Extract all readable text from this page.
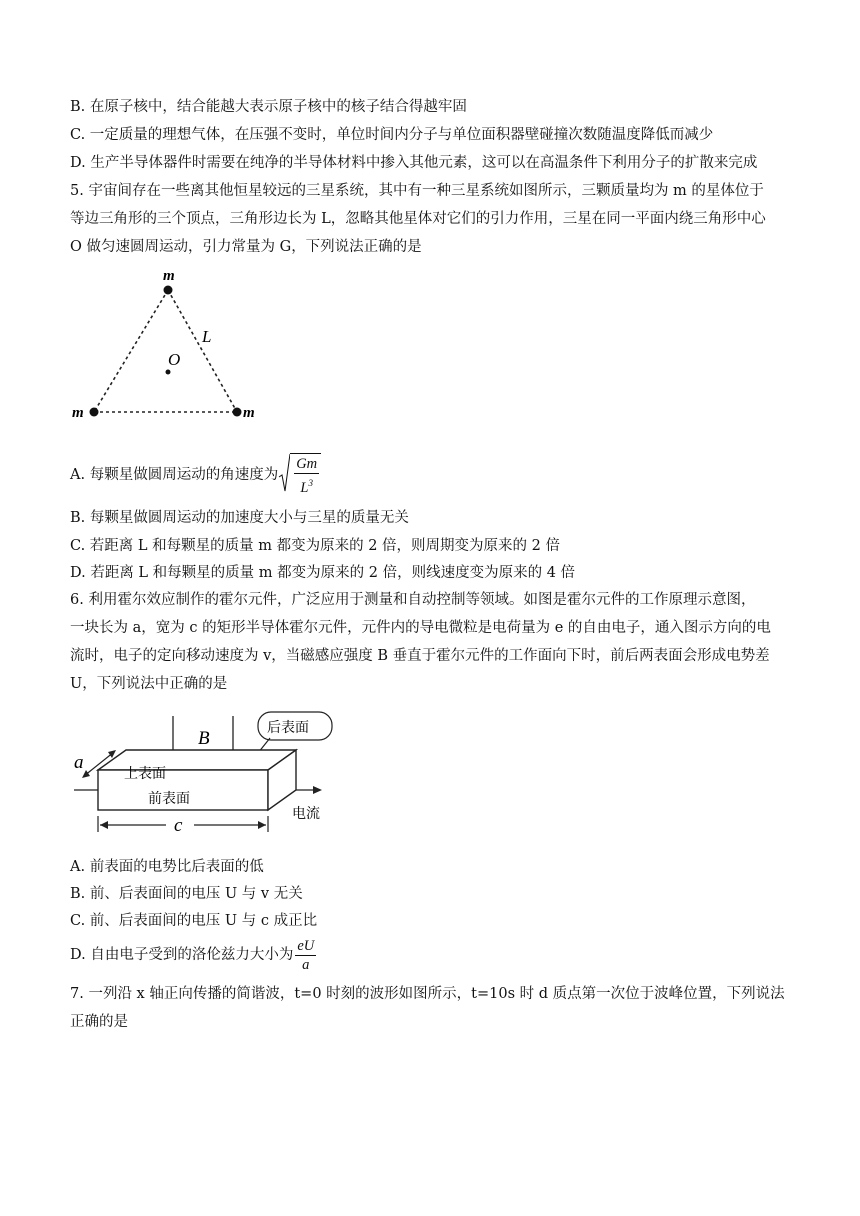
B. 在原子核中，结合能越大表示原子核中的核子结合得越牢固
C. 一定质量的理想气体，在压强不变时，单位时间内分子与单位面积器壁碰撞次数随温度降低而减少
D. 生产半导体器件时需要在纯净的半导体材料中掺入其他元素，这可以在高温条件下利用分子的扩散来完成
5. 宇宙间存在一些离其他恒星较远的三星系统，其中有一种三星系统如图所示，三颗质量均为 m 的星体位于
等边三角形的三个顶点，三角形边长为 L，忽略其他星体对它们的引力作用，三星在同一平面内绕三角形中心
O 做匀速圆周运动，引力常量为 G，下列说法正确的是
m
m	m
L
O
A. 每颗星做圆周运动的角速度为 $\frac{Gm}{L^3}$
B. 每颗星做圆周运动的加速度大小与三星的质量无关
C. 若距离 L 和每颗星的质量 m 都变为原来的 2 倍，则周期变为原来的 2 倍
D. 若距离 L 和每颗星的质量 m 都变为原来的 2 倍，则线速度变为原来的 4 倍
6. 利用霍尔效应制作的霍尔元件，广泛应用于测量和自动控制等领域。如图是霍尔元件的工作原理示意图，
一块长为 a，宽为 c 的矩形半导体霍尔元件，元件内的导电微粒是电荷量为 e 的自由电子，通入图示方向的电
流时，电子的定向移动速度为 v，当磁感应强度 B 垂直于霍尔元件的工作面向下时，前后两表面会形成电势差
U，下列说法中正确的是
B	后表面
电流
a
上表面
前表面
c
A. 前表面的电势比后表面的低
B. 前、后表面间的电压 U 与 v 无关
C. 前、后表面间的电压 U 与 c 成正比
D. 自由电子受到的洛伦兹力大小为 $\frac{eU}{a}$
7. 一列沿 x 轴正向传播的简谐波，t=0 时刻的波形如图所示，t=10s 时 d 质点第一次位于波峰位置，下列说法
正确的是
